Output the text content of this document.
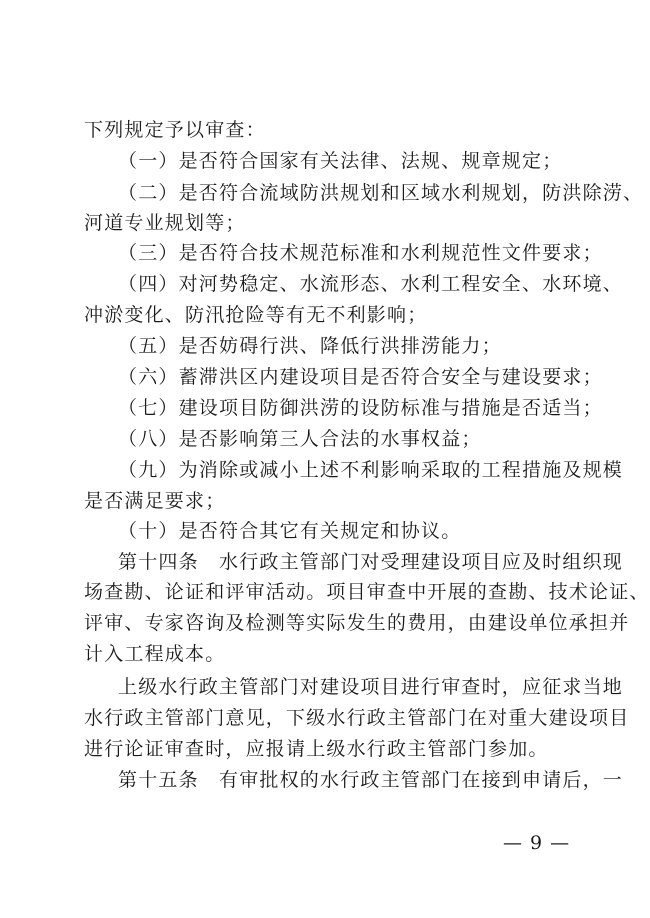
下列规定予以审查：
（一）是否符合国家有关法律、法规、规章规定；
（二）是否符合流域防洪规划和区域水利规划，防洪除涝、
河道专业规划等；
（三）是否符合技术规范标准和水利规范性文件要求；
（四）对河势稳定、水流形态、水利工程安全、水环境、
冲淤变化、防汛抢险等有无不利影响；
（五）是否妨碍行洪、降低行洪排涝能力；
（六）蓄滞洪区内建设项目是否符合安全与建设要求；
（七）建设项目防御洪涝的设防标准与措施是否适当；
（八）是否影响第三人合法的水事权益；
（九）为消除或减小上述不利影响采取的工程措施及规模
是否满足要求；
（十）是否符合其它有关规定和协议。
第十四条　水行政主管部门对受理建设项目应及时组织现
场查勘、论证和评审活动。项目审查中开展的查勘、技术论证、
评审、专家咨询及检测等实际发生的费用，由建设单位承担并
计入工程成本。
上级水行政主管部门对建设项目进行审查时，应征求当地
水行政主管部门意见，下级水行政主管部门在对重大建设项目
进行论证审查时，应报请上级水行政主管部门参加。
第十五条　有审批权的水行政主管部门在接到申请后，一
— 9 —
